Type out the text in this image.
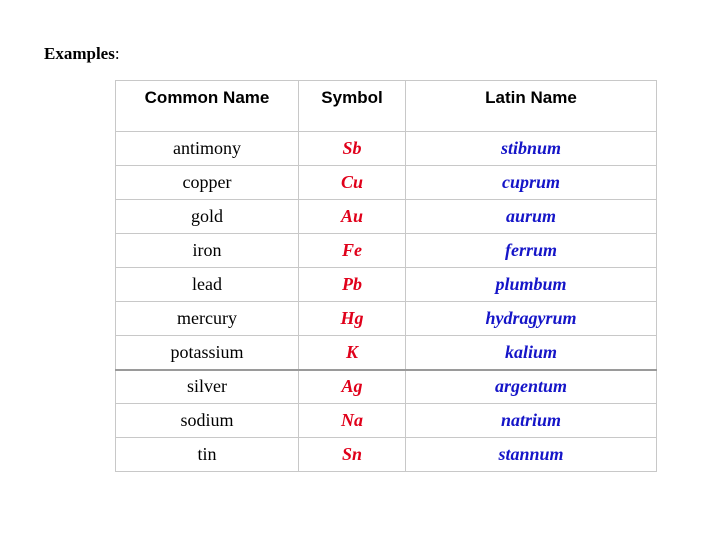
Examples:
Common Name	Symbol	Latin Name
antimony	Sb	stibnum
copper	Cu	cuprum
gold	Au	aurum
iron	Fe	ferrum
lead	Pb	plumbum
mercury	Hg	hydragyrum
potassium	K	kalium
silver	Ag	argentum
sodium	Na	natrium
tin	Sn	stannum
